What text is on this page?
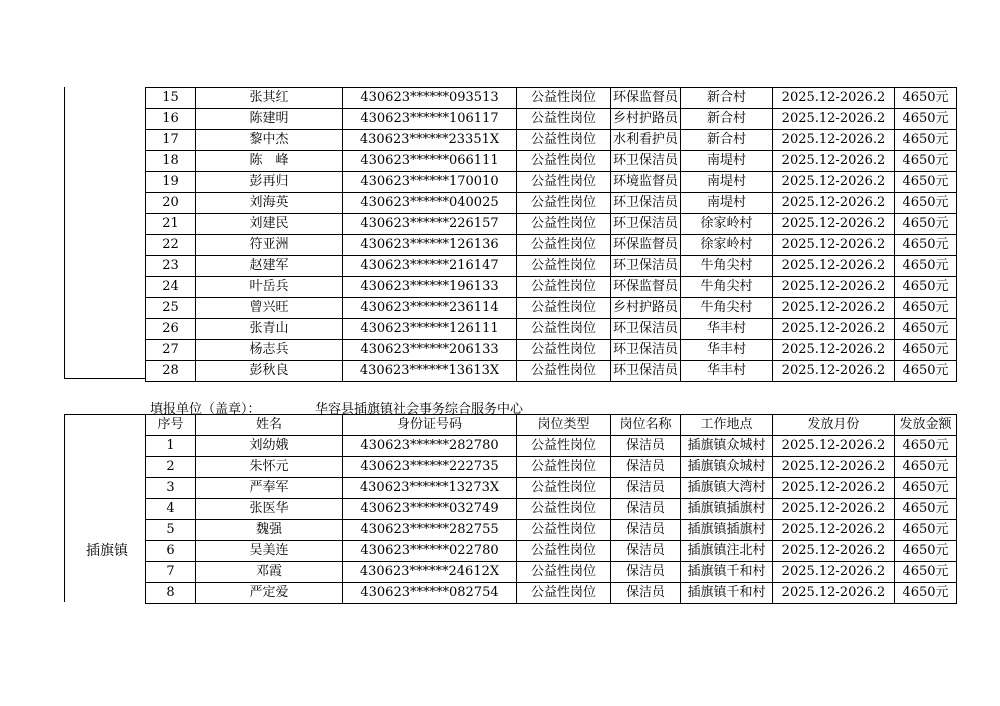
15	张其红	430623******093513	公益性岗位	环保监督员	新合村	2025.12-2026.2	4650元
16	陈建明	430623******106117	公益性岗位	乡村护路员	新合村	2025.12-2026.2	4650元
17	黎中杰	430623******23351X	公益性岗位	水利看护员	新合村	2025.12-2026.2	4650元
18	陈　峰	430623******066111	公益性岗位	环卫保洁员	南堤村	2025.12-2026.2	4650元
19	彭再归	430623******170010	公益性岗位	环境监督员	南堤村	2025.12-2026.2	4650元
20	刘海英	430623******040025	公益性岗位	环卫保洁员	南堤村	2025.12-2026.2	4650元
21	刘建民	430623******226157	公益性岗位	环卫保洁员	徐家岭村	2025.12-2026.2	4650元
22	符亚洲	430623******126136	公益性岗位	环保监督员	徐家岭村	2025.12-2026.2	4650元
23	赵建军	430623******216147	公益性岗位	环卫保洁员	牛角尖村	2025.12-2026.2	4650元
24	叶岳兵	430623******196133	公益性岗位	环保监督员	牛角尖村	2025.12-2026.2	4650元
25	曾兴旺	430623******236114	公益性岗位	乡村护路员	牛角尖村	2025.12-2026.2	4650元
26	张青山	430623******126111	公益性岗位	环卫保洁员	华丰村	2025.12-2026.2	4650元
27	杨志兵	430623******206133	公益性岗位	环卫保洁员	华丰村	2025.12-2026.2	4650元
28	彭秋良	430623******13613X	公益性岗位	环卫保洁员	华丰村	2025.12-2026.2	4650元
华容县插旗镇社会事务综合服务中心
填报单位（盖章）：
插旗镇
序号	姓名	身份证号码	岗位类型	岗位名称	工作地点	发放月份	发放金额
1	刘幼娥	430623******282780	公益性岗位	保洁员	插旗镇众城村	2025.12-2026.2	4650元
2	朱怀元	430623******222735	公益性岗位	保洁员	插旗镇众城村	2025.12-2026.2	4650元
3	严奉军	430623******13273X	公益性岗位	保洁员	插旗镇大湾村	2025.12-2026.2	4650元
4	张医华	430623******032749	公益性岗位	保洁员	插旗镇插旗村	2025.12-2026.2	4650元
5	魏强	430623******282755	公益性岗位	保洁员	插旗镇插旗村	2025.12-2026.2	4650元
6	吴美连	430623******022780	公益性岗位	保洁员	插旗镇注北村	2025.12-2026.2	4650元
7	邓霞	430623******24612X	公益性岗位	保洁员	插旗镇千和村	2025.12-2026.2	4650元
8	严定爱	430623******082754	公益性岗位	保洁员	插旗镇千和村	2025.12-2026.2	4650元
